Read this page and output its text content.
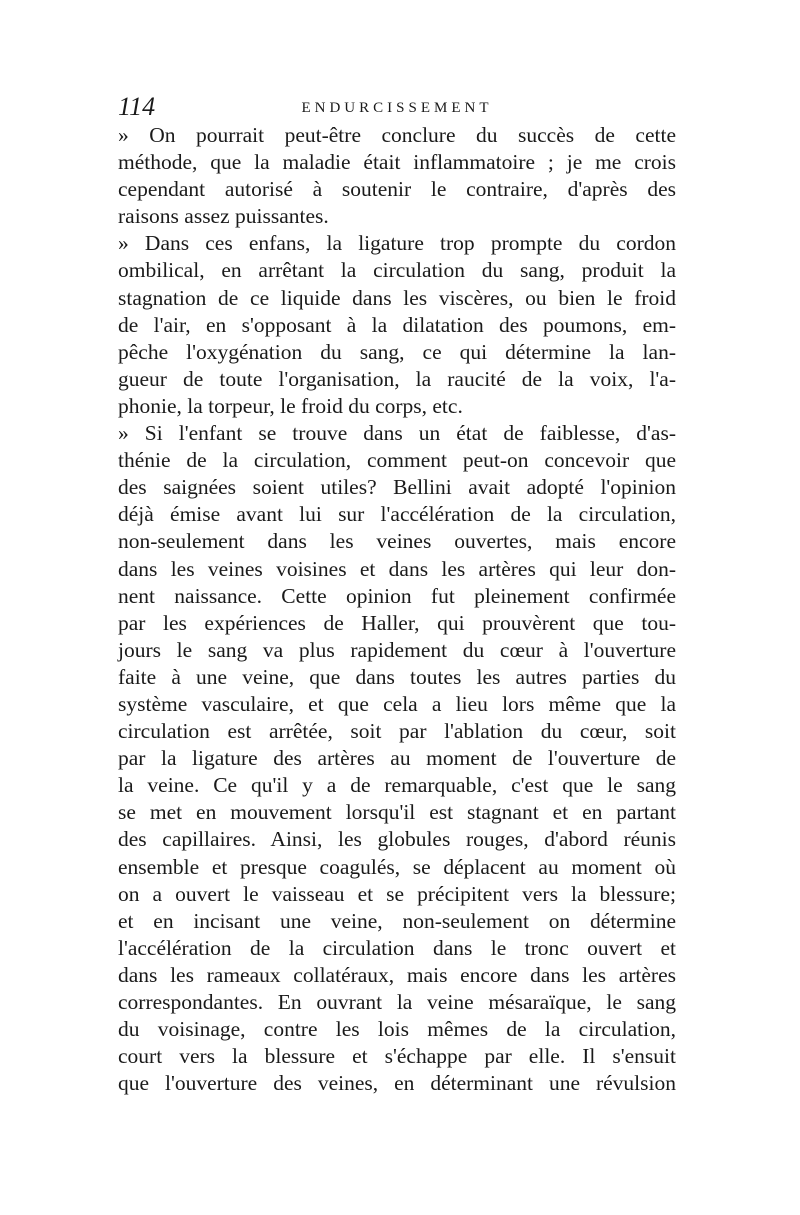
114	ENDURCISSEMENT
» On pourrait peut-être conclure du succès de cette
méthode, que la maladie était inflammatoire ; je me crois
cependant autorisé à soutenir le contraire, d'après des
raisons assez puissantes.
» Dans ces enfans, la ligature trop prompte du cordon
ombilical, en arrêtant la circulation du sang, produit la
stagnation de ce liquide dans les viscères, ou bien le froid
de l'air, en s'opposant à la dilatation des poumons, em-
pêche l'oxygénation du sang, ce qui détermine la lan-
gueur de toute l'organisation, la raucité de la voix, l'a-
phonie, la torpeur, le froid du corps, etc.
» Si l'enfant se trouve dans un état de faiblesse, d'as-
thénie de la circulation, comment peut-on concevoir que
des saignées soient utiles? Bellini avait adopté l'opinion
déjà émise avant lui sur l'accélération de la circulation,
non-seulement dans les veines ouvertes, mais encore
dans les veines voisines et dans les artères qui leur don-
nent naissance. Cette opinion fut pleinement confirmée
par les expériences de Haller, qui prouvèrent que tou-
jours le sang va plus rapidement du cœur à l'ouverture
faite à une veine, que dans toutes les autres parties du
système vasculaire, et que cela a lieu lors même que la
circulation est arrêtée, soit par l'ablation du cœur, soit
par la ligature des artères au moment de l'ouverture de
la veine. Ce qu'il y a de remarquable, c'est que le sang
se met en mouvement lorsqu'il est stagnant et en partant
des capillaires. Ainsi, les globules rouges, d'abord réunis
ensemble et presque coagulés, se déplacent au moment où
on a ouvert le vaisseau et se précipitent vers la blessure;
et en incisant une veine, non-seulement on détermine
l'accélération de la circulation dans le tronc ouvert et
dans les rameaux collatéraux, mais encore dans les artères
correspondantes. En ouvrant la veine mésaraïque, le sang
du voisinage, contre les lois mêmes de la circulation,
court vers la blessure et s'échappe par elle. Il s'ensuit
que l'ouverture des veines, en déterminant une révulsion
